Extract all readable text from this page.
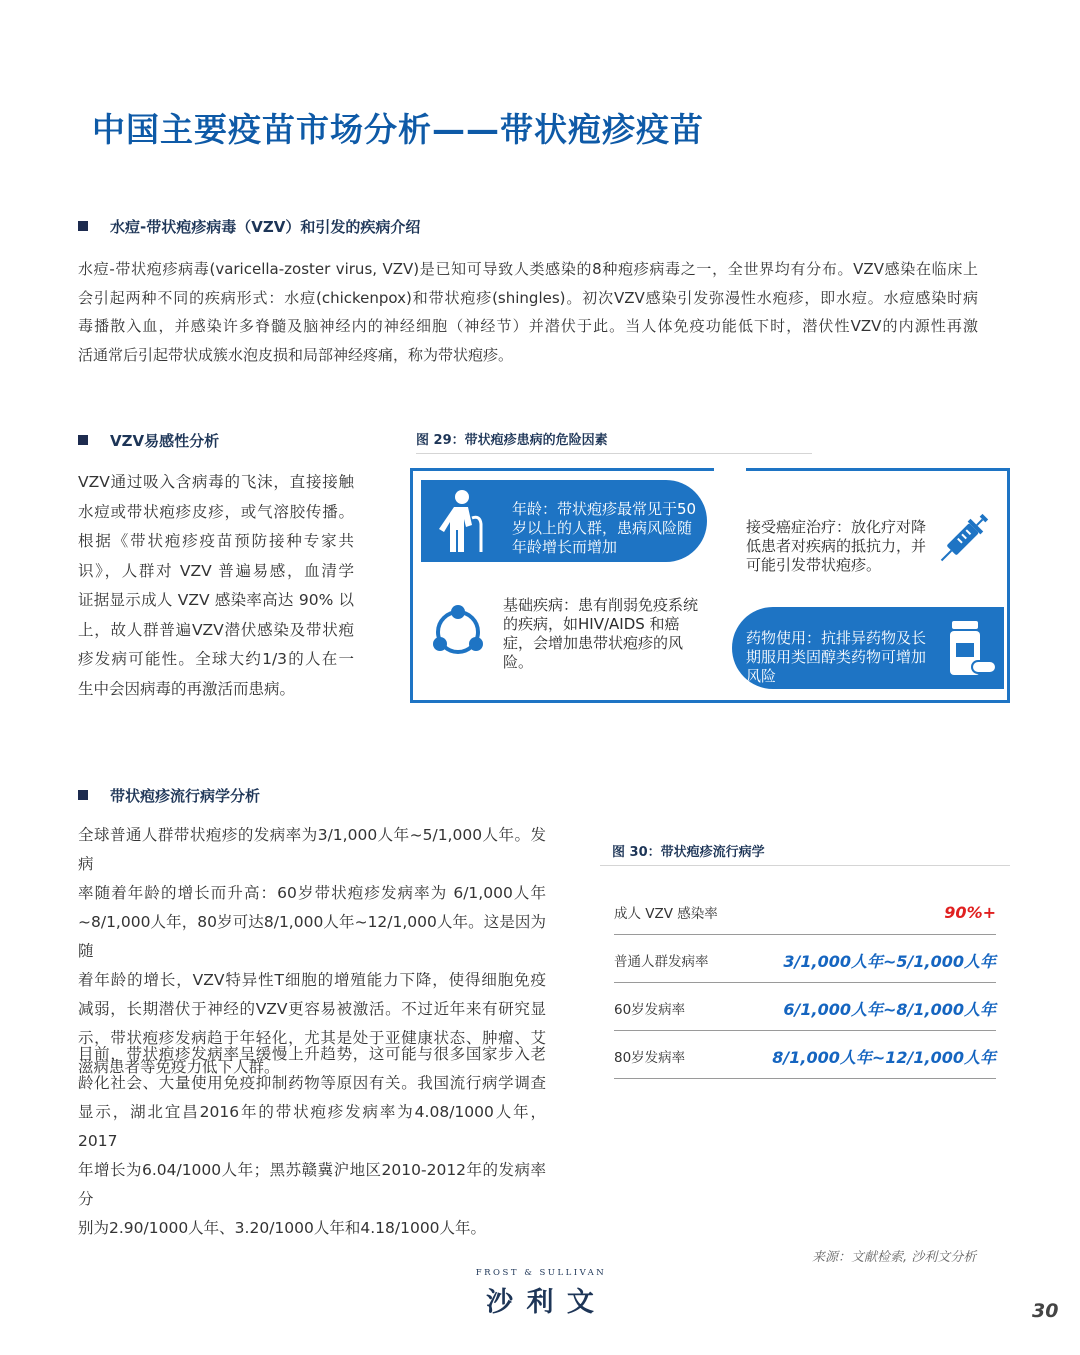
中国主要疫苗市场分析——带状疱疹疫苗
水痘-带状疱疹病毒（VZV）和引发的疾病介绍

水痘-带状疱疹病毒(varicella-zoster virus, VZV)是已知可导致人类感染的8种疱疹病毒之一，全世界均有分布。VZV感染在临床上

会引起两种不同的疾病形式：水痘(chickenpox)和带状疱疹(shingles)。初次VZV感染引发弥漫性水疱疹，即水痘。水痘感染时病

毒播散入血，并感染许多脊髓及脑神经内的神经细胞（神经节）并潜伏于此。当人体免疫功能低下时，潜伏性VZV的内源性再激

活通常后引起带状成簇水泡皮损和局部神经疼痛，称为带状疱疹。

VZV易感性分析

VZV通过吸入含病毒的飞沫，直接接触

水痘或带状疱疹皮疹，或气溶胶传播。

根据《带状疱疹疫苗预防接种专家共

识》，人群对 VZV 普遍易感，血清学

证据显示成人 VZV 感染率高达 90% 以

上，故人群普遍VZV潜伏感染及带状疱

疹发病可能性。全球大约1/3的人在一

生中会因病毒的再激活而患病。

图 29：带状疱疹患病的危险因素
年龄：带状疱疹最常见于50岁以上的人群，患病风险随年龄增长而增加
接受癌症治疗：放化疗对降低患者对疾病的抵抗力，并可能引发带状疱疹。
基础疾病：患有削弱免疫系统的疾病，如HIV/AIDS 和癌症，会增加患带状疱疹的风险。
药物使用：抗排异药物及长期服用类固醇类药物可增加风险
带状疱疹流行病学分析

全球普通人群带状疱疹的发病率为3/1,000人年~5/1,000人年。发病

率随着年龄的增长而升高：60岁带状疱疹发病率为 6/1,000人年

~8/1,000人年，80岁可达8/1,000人年~12/1,000人年。这是因为随

着年龄的增长，VZV特异性T细胞的增殖能力下降，使得细胞免疫

减弱，长期潜伏于神经的VZV更容易被激活。不过近年来有研究显

示，带状疱疹发病趋于年轻化，尤其是处于亚健康状态、肿瘤、艾

滋病患者等免疫力低下人群。

目前，带状疱疹发病率呈缓慢上升趋势，这可能与很多国家步入老

龄化社会、大量使用免疫抑制药物等原因有关。我国流行病学调查

显示，湖北宜昌2016年的带状疱疹发病率为4.08/1000人年，2017

年增长为6.04/1000人年；黑苏赣冀沪地区2010-2012年的发病率分

别为2.90/1000人年、3.20/1000人年和4.18/1000人年。

图 30：带状疱疹流行病学
成人 VZV 感染率	90%+
普通人群发病率	3/1,000人年~5/1,000人年
60岁发病率	6/1,000人年~8/1,000人年
80岁发病率	8/1,000人年~12/1,000人年
来源：文献检索, 沙利文分析
FROST & SULLIVAN
沙 利 文	30
